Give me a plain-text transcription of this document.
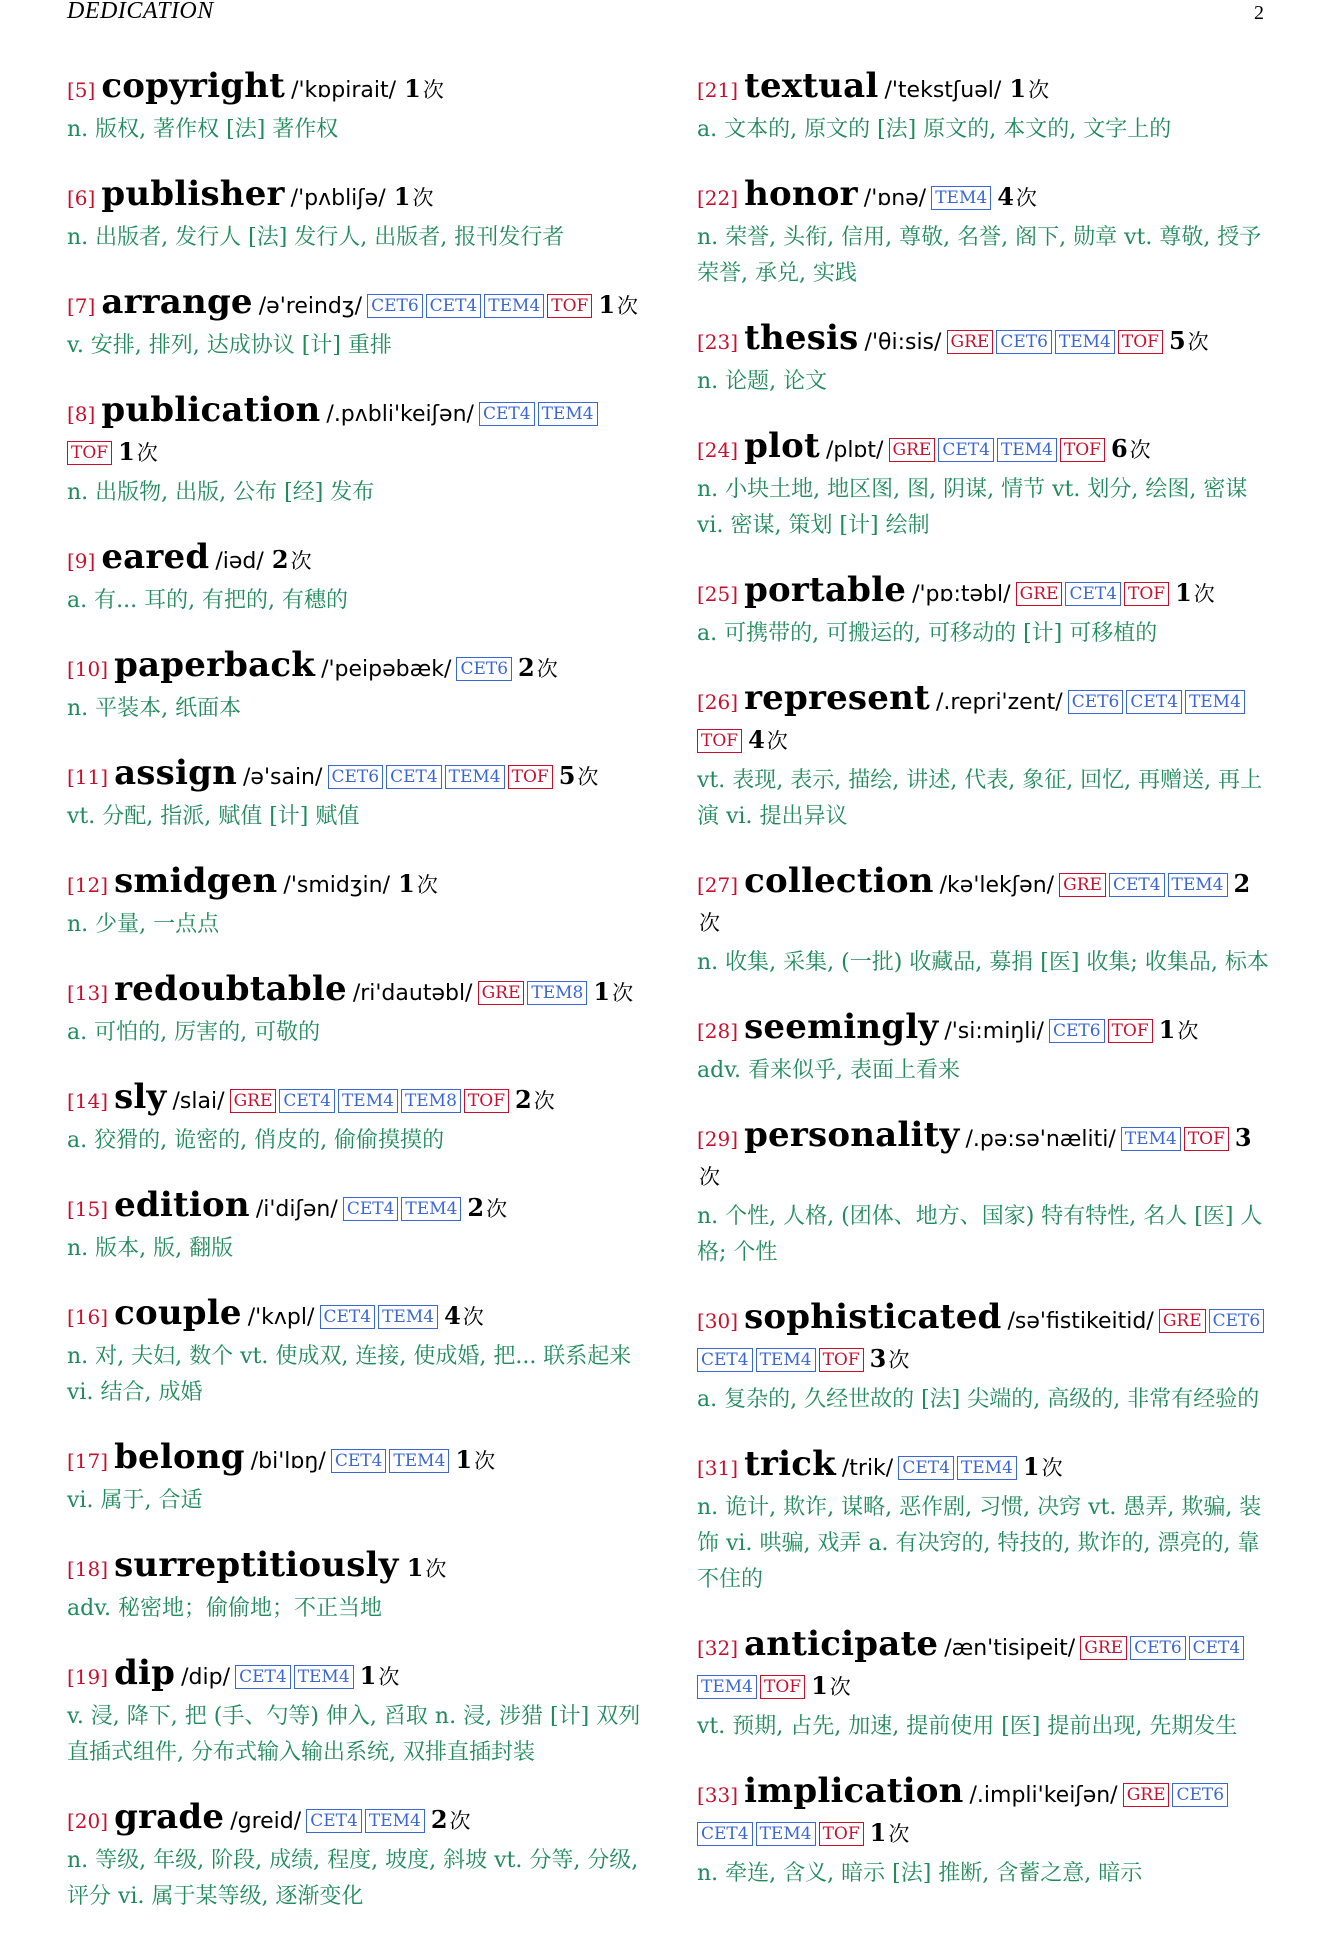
DEDICATION	2
[5] copyright /'kɒpirait/ 1次
n. 版权, 著作权 [法] 著作权
[6] publisher /'pʌbliʃə/ 1次
n. 出版者, 发行人 [法] 发行人, 出版者, 报刊发行者
[7] arrange /ə'reindʒ/ CET6 CET4 TEM4 TOF 1次
v. 安排, 排列, 达成协议 [计] 重排
[8] publication /.pʌbli'keiʃən/ CET4 TEM4TOF 1次
n. 出版物, 出版, 公布 [经] 发布
[9] eared /iəd/ 2次
a. 有... 耳的, 有把的, 有穗的
[10] paperback /'peipəbæk/ CET6 2次
n. 平装本, 纸面本
[11] assign /ə'sain/ CET6 CET4 TEM4 TOF 5次
vt. 分配, 指派, 赋值 [计] 赋值
[12] smidgen /'smidʒin/ 1次
n. 少量, 一点点
[13] redoubtable /ri'dautəbl/ GRE TEM8 1次
a. 可怕的, 厉害的, 可敬的
[14] sly /slai/ GRE CET4 TEM4 TEM8 TOF 2次
a. 狡猾的, 诡密的, 俏皮的, 偷偷摸摸的
[15] edition /i'diʃən/ CET4 TEM4 2次
n. 版本, 版, 翻版
[16] couple /'kʌpl/ CET4 TEM4 4次
n. 对, 夫妇, 数个 vt. 使成双, 连接, 使成婚, 把... 联系起来 vi. 结合, 成婚
[17] belong /bi'lɒŋ/ CET4 TEM4 1次
vi. 属于, 合适
[18] surreptitiously 1次
adv. 秘密地；偷偷地；不正当地
[19] dip /dip/ CET4 TEM4 1次
v. 浸, 降下, 把 (手、勺等) 伸入, 舀取 n. 浸, 涉猎 [计] 双列直插式组件, 分布式输入输出系统, 双排直插封装
[20] grade /greid/ CET4 TEM4 2次
n. 等级, 年级, 阶段, 成绩, 程度, 坡度, 斜坡 vt. 分等, 分级, 评分 vi. 属于某等级, 逐渐变化
[21] textual /'tekstʃuəl/ 1次
a. 文本的, 原文的 [法] 原文的, 本文的, 文字上的
[22] honor /'ɒnə/ TEM4 4次
n. 荣誉, 头衔, 信用, 尊敬, 名誉, 阁下, 勋章 vt. 尊敬, 授予荣誉, 承兑, 实践
[23] thesis /'θi:sis/ GRE CET6 TEM4 TOF 5次
n. 论题, 论文
[24] plot /plɒt/ GRE CET4 TEM4 TOF 6次
n. 小块土地, 地区图, 图, 阴谋, 情节 vt. 划分, 绘图, 密谋 vi. 密谋, 策划 [计] 绘制
[25] portable /'pɒ:təbl/ GRE CET4 TOF 1次
a. 可携带的, 可搬运的, 可移动的 [计] 可移植的
[26] represent /.repri'zent/ CET6 CET4 TEM4TOF 4次
vt. 表现, 表示, 描绘, 讲述, 代表, 象征, 回忆, 再赠送, 再上演 vi. 提出异议
[27] collection /kə'lekʃən/ GRE CET4 TEM4 2次
n. 收集, 采集, (一批) 收藏品, 募捐 [医] 收集; 收集品, 标本
[28] seemingly /'si:miŋli/ CET6 TOF 1次
adv. 看来似乎, 表面上看来
[29] personality /.pə:sə'næliti/ TEM4 TOF 3次
n. 个性, 人格, (团体、地方、国家) 特有特性, 名人 [医] 人格; 个性
[30] sophisticated /sə'fistikeitid/ GRE CET6CET4 TEM4 TOF 3次
a. 复杂的, 久经世故的 [法] 尖端的, 高级的, 非常有经验的
[31] trick /trik/ CET4 TEM4 1次
n. 诡计, 欺诈, 谋略, 恶作剧, 习惯, 决窍 vt. 愚弄, 欺骗, 装饰 vi. 哄骗, 戏弄 a. 有决窍的, 特技的, 欺诈的, 漂亮的, 靠不住的
[32] anticipate /æn'tisipeit/ GRE CET6 CET4TEM4 TOF 1次
vt. 预期, 占先, 加速, 提前使用 [医] 提前出现, 先期发生
[33] implication /.impli'keiʃən/ GRE CET6CET4 TEM4 TOF 1次
n. 牵连, 含义, 暗示 [法] 推断, 含蓄之意, 暗示
